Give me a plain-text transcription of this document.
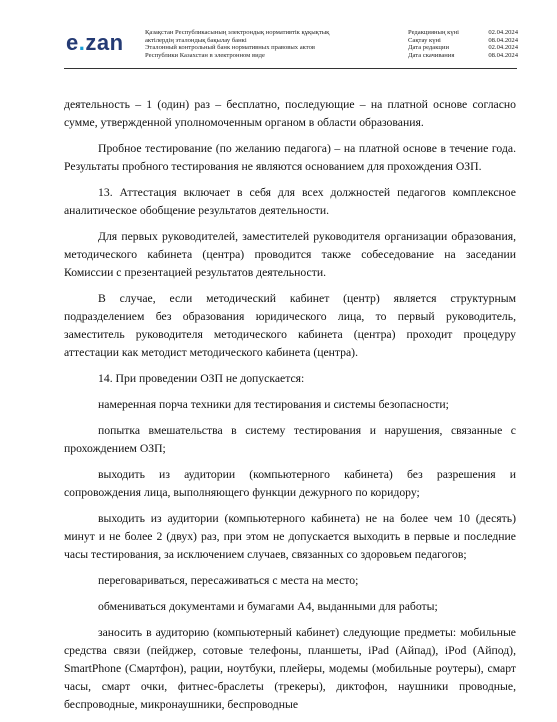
e.zan	Қазақстан Республикасының электрондық нормативтік құқықтық
актілердің эталондық бақылау банкі
Эталонный контрольный банк нормативных правовых актов
Республики Казахстан в электронном виде
Редакцияның күні	02.04.2024
Сақтау күні	08.04.2024
Дата редакции	02.04.2024
Дата скачивания	08.04.2024

деятельность – 1 (один) раз – бесплатно, последующие – на платной основе согласно сумме, утвержденной уполномоченным органом в области образования.

Пробное тестирование (по желанию педагога) – на платной основе в течение года. Результаты пробного тестирования не являются основанием для прохождения ОЗП.

13. Аттестация включает в себя для всех должностей педагогов комплексное аналитическое обобщение результатов деятельности.

Для первых руководителей, заместителей руководителя организации образования, методического кабинета (центра) проводится также собеседование на заседании Комиссии с презентацией результатов деятельности.

В случае, если методический кабинет (центр) является структурным подразделением без образования юридического лица, то первый руководитель, заместитель руководителя методического кабинета (центра) проходит процедуру аттестации как методист методического кабинета (центра).

14. При проведении ОЗП не допускается:

намеренная порча техники для тестирования и системы безопасности;

попытка вмешательства в систему тестирования и нарушения, связанные с прохождением ОЗП;

выходить из аудитории (компьютерного кабинета) без разрешения и сопровождения лица, выполняющего функции дежурного по коридору;

выходить из аудитории (компьютерного кабинета) не на более чем 10 (десять) минут и не более 2 (двух) раз, при этом не допускается выходить в первые и последние часы тестирования, за исключением случаев, связанных со здоровьем педагогов;

переговариваться, пересаживаться с места на место;

обмениваться документами и бумагами А4, выданными для работы;

заносить в аудиторию (компьютерный кабинет) следующие предметы: мобильные средства связи (пейджер, сотовые телефоны, планшеты, iPad (Айпад), iPod (Айпод), SmartPhone (Смартфон), рации, ноутбуки, плейеры, модемы (мобильные роутеры), смарт часы, смарт очки, фитнес-браслеты (трекеры), диктофон, наушники проводные, беспроводные, микронаушники, беспроводные
